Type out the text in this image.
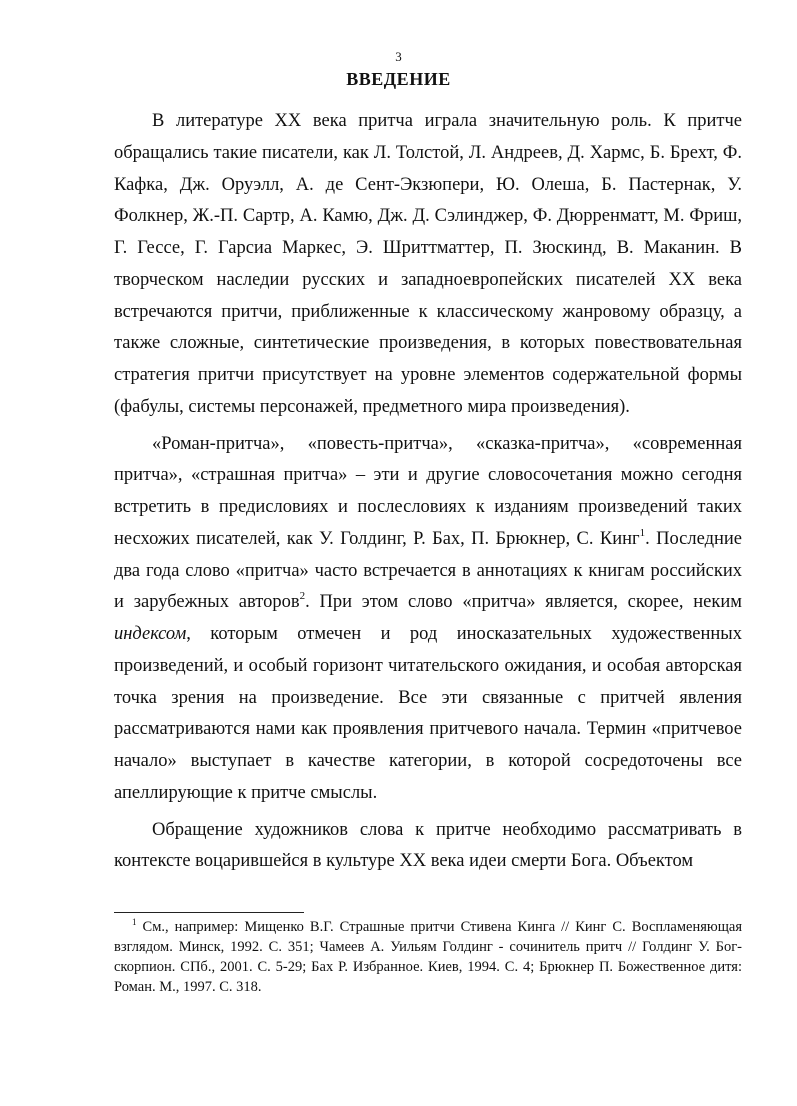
3
ВВЕДЕНИЕ

В литературе XX века притча играла значительную роль. К притче обращались такие писатели, как Л. Толстой, Л. Андреев, Д. Хармс, Б. Брехт, Ф. Кафка, Дж. Оруэлл, А. де Сент-Экзюпери, Ю. Олеша, Б. Пастернак, У. Фолкнер, Ж.-П. Сартр, А. Камю, Дж. Д. Сэлинджер, Ф. Дюрренматт, М. Фриш, Г. Гессе, Г. Гарсиа Маркес, Э. Шриттматтер, П. Зюскинд, В. Маканин. В творческом наследии русских и западноевропейских писателей XX века встречаются притчи, приближенные к классическому жанровому образцу, а также сложные, синтетические произведения, в которых повествовательная стратегия притчи присутствует на уровне элементов содержательной формы (фабулы, системы персонажей, предметного мира произведения).

«Роман-притча», «повесть-притча», «сказка-притча», «современная притча», «страшная притча» – эти и другие словосочетания можно сегодня встретить в предисловиях и послесловиях к изданиям произведений таких несхожих писателей, как У. Голдинг, Р. Бах, П. Брюкнер, С. Кинг$^1$. Последние два года слово «притча» часто встречается в аннотациях к книгам российских и зарубежных авторов$^2$. При этом слово «притча» является, скорее, неким индексом, которым отмечен и род иносказательных художественных произведений, и особый горизонт читательского ожидания, и особая авторская точка зрения на произведение. Все эти связанные с притчей явления рассматриваются нами как проявления притчевого начала. Термин «притчевое начало» выступает в качестве категории, в которой сосредоточены все апеллирующие к притче смыслы.

Обращение художников слова к притче необходимо рассматривать в контексте воцарившейся в культуре XX века идеи смерти Бога. Объектом

$^1$ См., например: Мищенко В.Г. Страшные притчи Стивена Кинга // Кинг С. Воспламеняющая взглядом. Минск, 1992. С. 351; Чамеев А. Уильям Голдинг - сочинитель притч // Голдинг У. Бог-скорпион. СПб., 2001. С. 5-29; Бах Р. Избранное. Киев, 1994. С. 4; Брюкнер П. Божественное дитя: Роман. М., 1997. С. 318.
